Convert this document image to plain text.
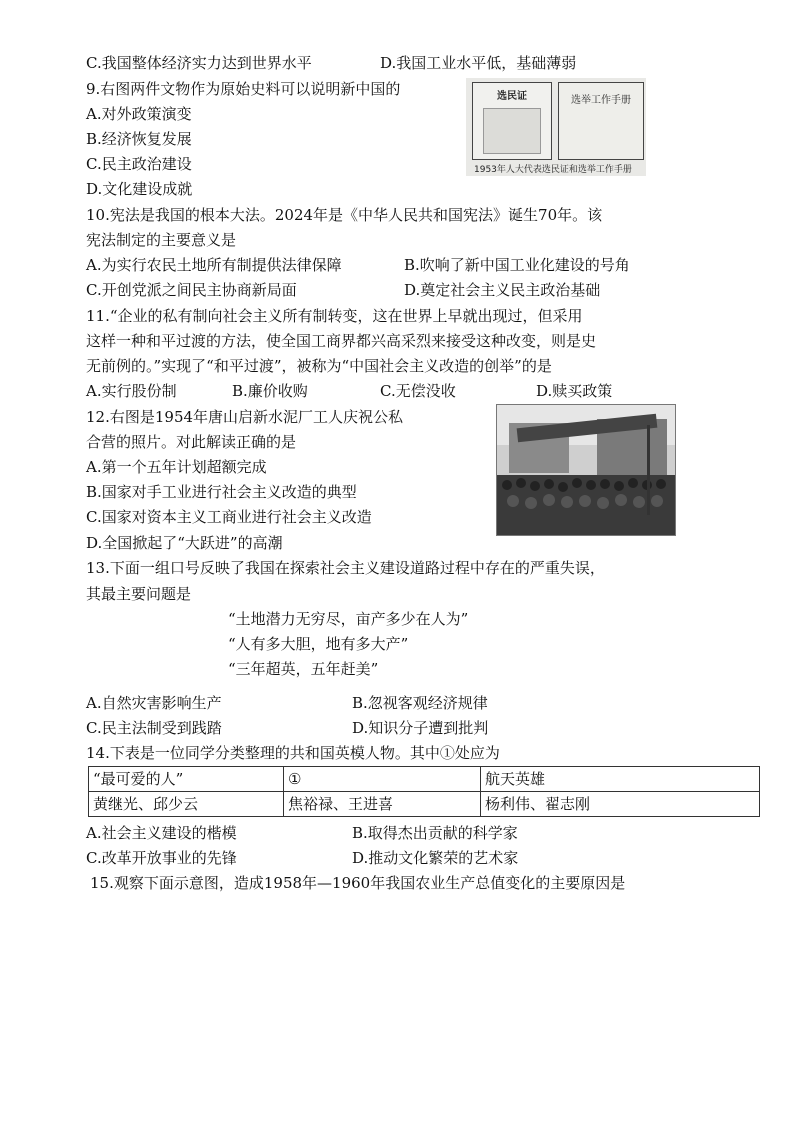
C.我国整体经济实力达到世界水平	D.我国工业水平低，基础薄弱
9.右图两件文物作为原始史料可以说明新中国的
A.对外政策演变
B.经济恢复发展
C.民主政治建设
D.文化建设成就
选民证	选举工作手册
1953年人大代表选民证和选举工作手册
10.宪法是我国的根本大法。2024年是《中华人民共和国宪法》诞生70年。该
宪法制定的主要意义是
A.为实行农民土地所有制提供法律保障	B.吹响了新中国工业化建设的号角
C.开创党派之间民主协商新局面	D.奠定社会主义民主政治基础
11.“企业的私有制向社会主义所有制转变，这在世界上早就出现过，但采用
这样一种和平过渡的方法，使全国工商界都兴高采烈来接受这种改变，则是史
无前例的。”实现了“和平过渡”，被称为“中国社会主义改造的创举”的是
A.实行股份制	B.廉价收购	C.无偿没收	D.赎买政策
12.右图是1954年唐山启新水泥厂工人庆祝公私
合营的照片。对此解读正确的是
A.第一个五年计划超额完成
B.国家对手工业进行社会主义改造的典型
C.国家对资本主义工商业进行社会主义改造
D.全国掀起了“大跃进”的高潮
13.下面一组口号反映了我国在探索社会主义建设道路过程中存在的严重失误，
其最主要问题是
“土地潜力无穷尽，亩产多少在人为”
“人有多大胆，地有多大产”
“三年超英，五年赶美”
A.自然灾害影响生产	B.忽视客观经济规律
C.民主法制受到践踏	D.知识分子遭到批判
14.下表是一位同学分类整理的共和国英模人物。其中①处应为
“最可爱的人”	①	航天英雄
黄继光、邱少云	焦裕禄、王进喜	杨利伟、翟志刚
A.社会主义建设的楷模	B.取得杰出贡献的科学家
C.改革开放事业的先锋	D.推动文化繁荣的艺术家
15.观察下面示意图，造成1958年—1960年我国农业生产总值变化的主要原因是
